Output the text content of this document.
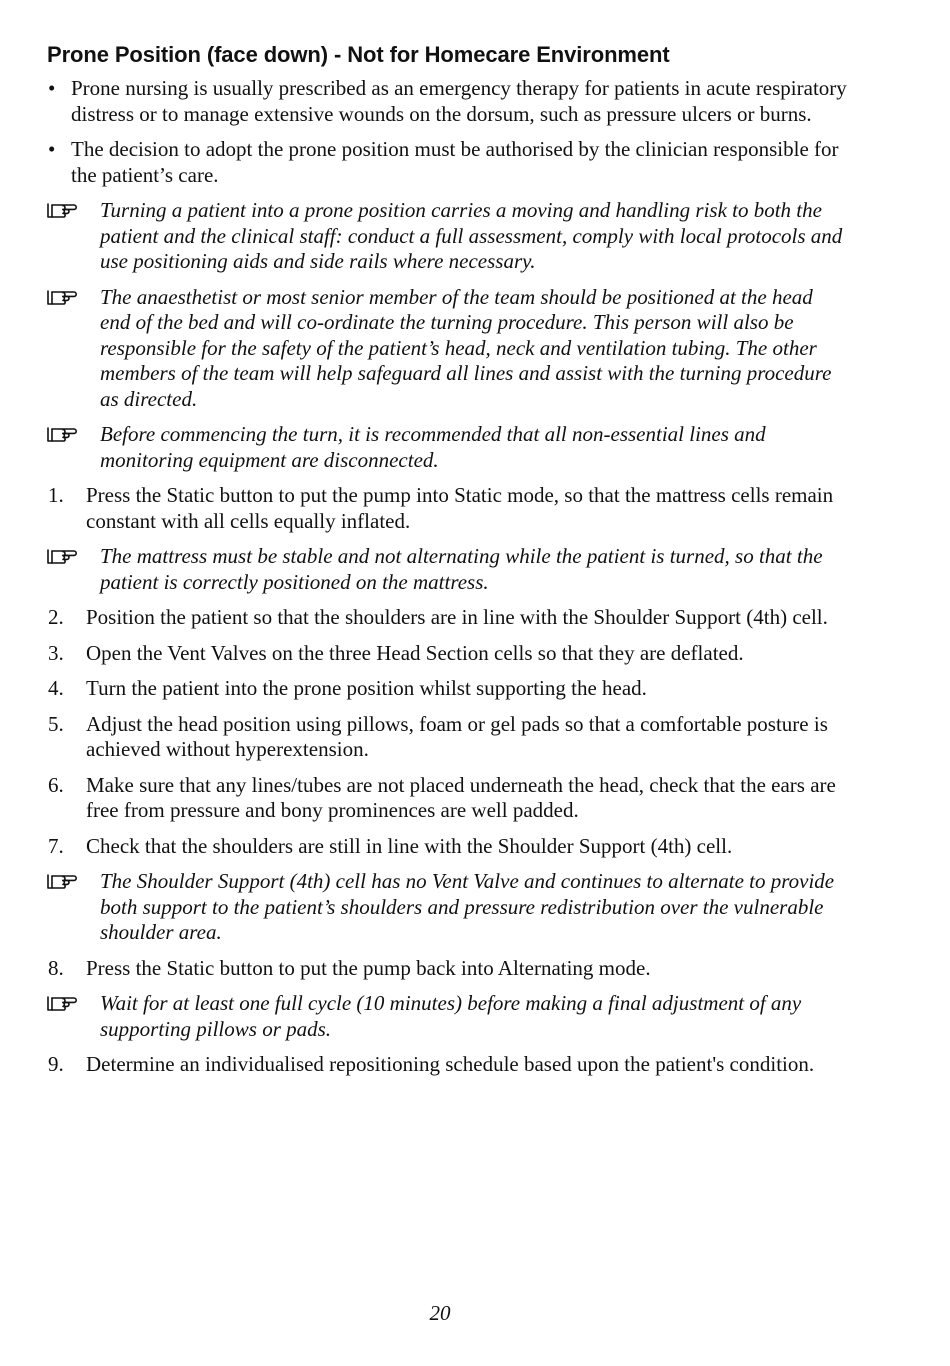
Prone Position (face down) - Not for Homecare Environment
• Prone nursing is usually prescribed as an emergency therapy for patients in acute respiratory distress or to manage extensive wounds on the dorsum, such as pressure ulcers or burns.
• The decision to adopt the prone position must be authorised by the clinician responsible for the patient’s care.
Turning a patient into a prone position carries a moving and handling risk to both the patient and the clinical staff: conduct a full assessment, comply with local protocols and use positioning aids and side rails where necessary.
The anaesthetist or most senior member of the team should be positioned at the head end of the bed and will co-ordinate the turning procedure. This person will also be responsible for the safety of the patient’s head, neck and ventilation tubing. The other members of the team will help safeguard all lines and assist with the turning procedure as directed.
Before commencing the turn, it is recommended that all non-essential lines and monitoring equipment are disconnected.
1. Press the Static button to put the pump into Static mode, so that the mattress cells remain constant with all cells equally inflated.
The mattress must be stable and not alternating while the patient is turned, so that the patient is correctly positioned on the mattress.
2. Position the patient so that the shoulders are in line with the Shoulder Support (4th) cell.
3. Open the Vent Valves on the three Head Section cells so that they are deflated.
4. Turn the patient into the prone position whilst supporting the head.
5. Adjust the head position using pillows, foam or gel pads so that a comfortable posture is achieved without hyperextension.
6. Make sure that any lines/tubes are not placed underneath the head, check that the ears are free from pressure and bony prominences are well padded.
7. Check that the shoulders are still in line with the Shoulder Support (4th) cell.
The Shoulder Support (4th) cell has no Vent Valve and continues to alternate to provide both support to the patient’s shoulders and pressure redistribution over the vulnerable shoulder area.
8. Press the Static button to put the pump back into Alternating mode.
Wait for at least one full cycle (10 minutes) before making a final adjustment of any supporting pillows or pads.
9. Determine an individualised repositioning schedule based upon the patient's condition.
20
